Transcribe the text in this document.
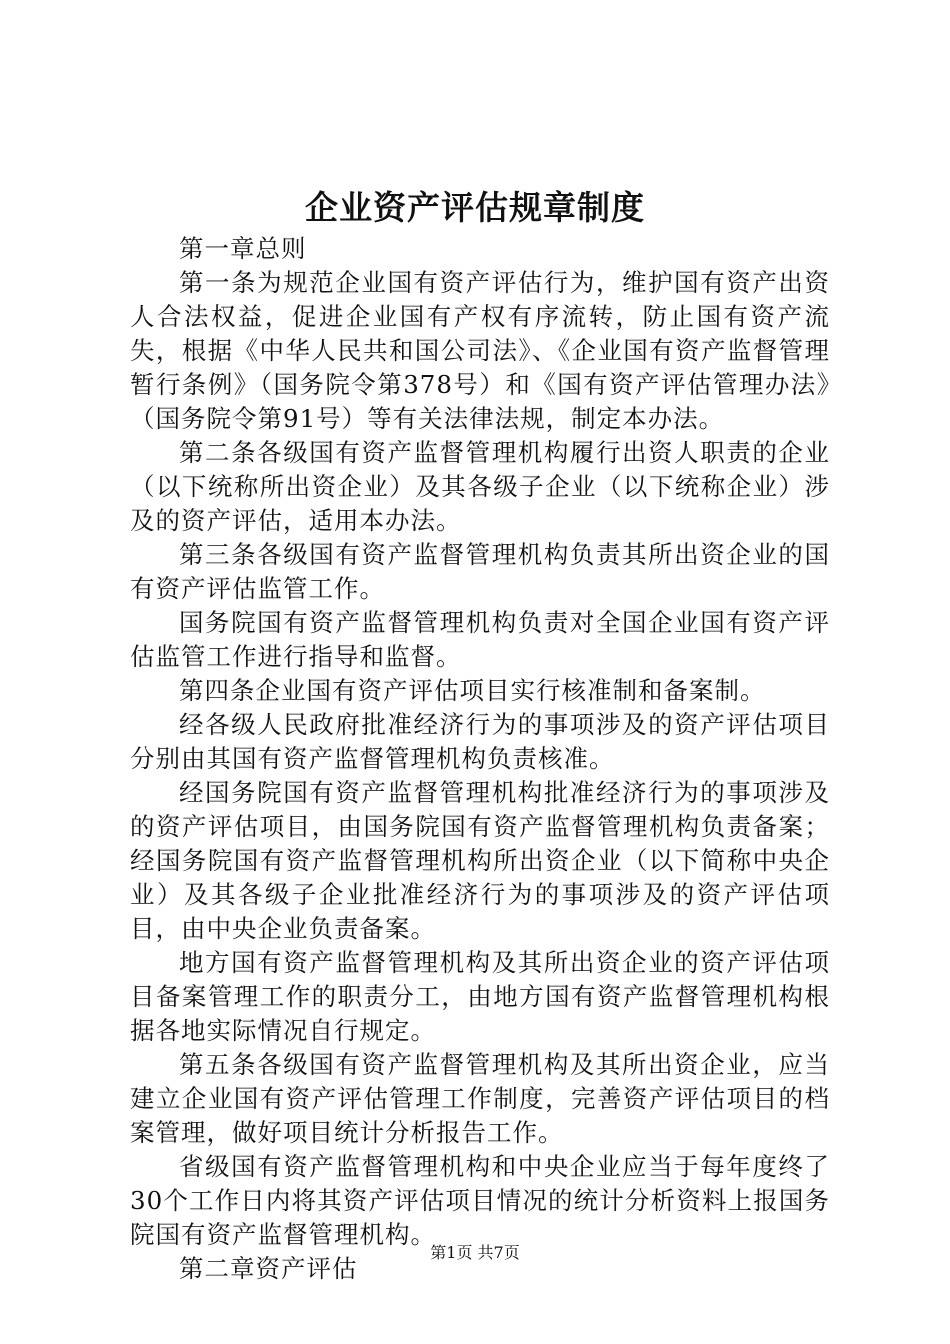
企业资产评估规章制度

第一章总则

第一条为规范企业国有资产评估行为，维护国有资产出资人合法权益，促进企业国有产权有序流转，防止国有资产流失，根据《中华人民共和国公司法》、《企业国有资产监督管理暂行条例》（国务院令第378号）和《国有资产评估管理办法》（国务院令第91号）等有关法律法规，制定本办法。

第二条各级国有资产监督管理机构履行出资人职责的企业（以下统称所出资企业）及其各级子企业（以下统称企业）涉及的资产评估，适用本办法。

第三条各级国有资产监督管理机构负责其所出资企业的国有资产评估监管工作。

国务院国有资产监督管理机构负责对全国企业国有资产评估监管工作进行指导和监督。

第四条企业国有资产评估项目实行核准制和备案制。

经各级人民政府批准经济行为的事项涉及的资产评估项目分别由其国有资产监督管理机构负责核准。

经国务院国有资产监督管理机构批准经济行为的事项涉及的资产评估项目，由国务院国有资产监督管理机构负责备案；经国务院国有资产监督管理机构所出资企业（以下简称中央企业）及其各级子企业批准经济行为的事项涉及的资产评估项目，由中央企业负责备案。

地方国有资产监督管理机构及其所出资企业的资产评估项目备案管理工作的职责分工，由地方国有资产监督管理机构根据各地实际情况自行规定。

第五条各级国有资产监督管理机构及其所出资企业，应当建立企业国有资产评估管理工作制度，完善资产评估项目的档案管理，做好项目统计分析报告工作。

省级国有资产监督管理机构和中央企业应当于每年度终了30个工作日内将其资产评估项目情况的统计分析资料上报国务院国有资产监督管理机构。

第二章资产评估

第1页 共7页
